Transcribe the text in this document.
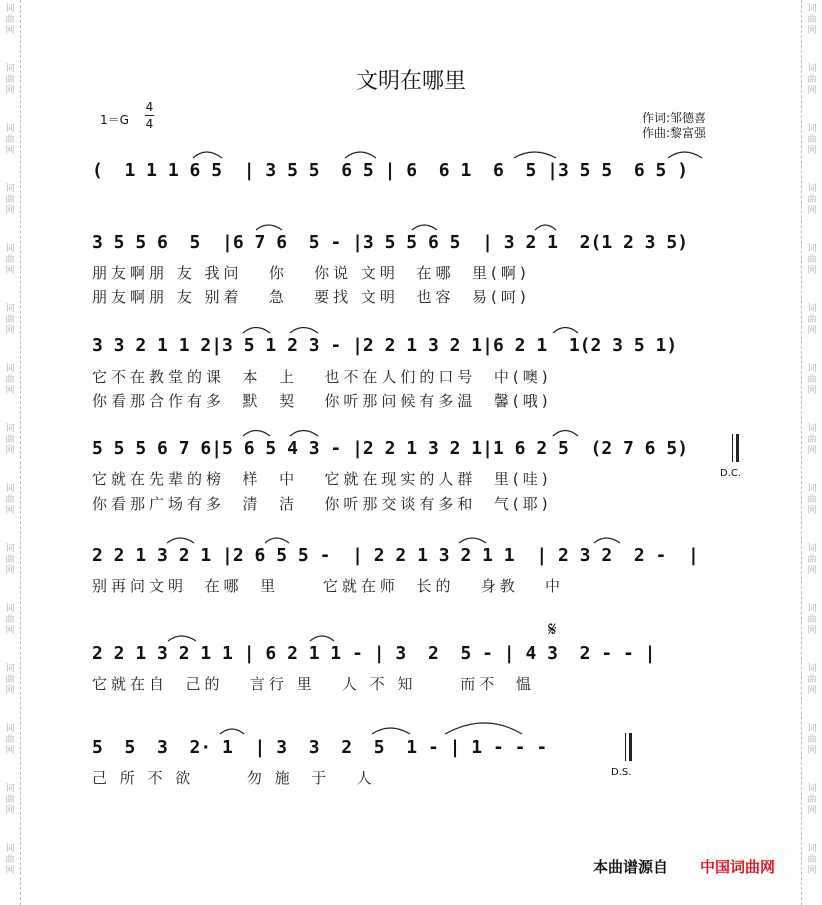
词
曲
网
词
曲
网
词
曲
网
词
曲
网
词
曲
网
词
曲
网
词
曲
网
词
曲
网
词
曲
网
词
曲
网
词
曲
网
词
曲
网
词
曲
网
词
曲
网
词
曲
网
词
曲
网
词
曲
网
词
曲
网
词
曲
网
词
曲
网
词
曲
网
词
曲
网
词
曲
网
词
曲
网
词
曲
网
词
曲
网
词
曲
网
词
曲
网
词
曲
网
词
曲
网
文明在哪里
1＝G
4
4	作词:邹德喜
作曲:黎富强
(  1 1 1 6 5  | 3 5 5  6 5 | 6  6 1  6  5 |3 5 5  6 5 )
3 5 5 6  5  |6 7 6  5 - |3 5 5 6 5  | 3 2 1  2(1 2 3 5)
朋友啊朋 友 我问   你   你说 文明  在哪  里(啊)
朋友啊朋 友 别着   急   要找 文明  也容  易(呵)
3 3 2 1 1 2|3 5 1 2 3 - |2 2 1 3 2 1|6 2 1  1(2 3 5 1)
它不在教堂的课  本  上   也不在人们的口号  中(噢)
你看那合作有多  默  契   你听那问候有多温  馨(哦)
5 5 5 6 7 6|5 6 5 4 3 - |2 2 1 3 2 1|1 6 2 5  (2 7 6 5)
它就在先辈的榜  样  中   它就在现实的人群  里(哇)
你看那广场有多  清  洁   你听那交谈有多和  气(耶)
2 2 1 3 2 1 |2 6 5 5 -  | 2 2 1 3 2 1 1  | 2 3 2  2 -  |
别再问文明  在哪  里     它就在师  长的   身教   中
2 2 1 3 2 1 1 | 6 2 1 1 - | 3  2  5 - | 4 3  2 - - |
它就在自  己的   言行 里   人 不 知     而不  愠
5  5  3  2· 1  | 3  3  2  5  1 - | 1 - - -
己 所 不 欲      勿 施  于   人
D.C.
D.S.
𝄋
本曲谱源自 中国词曲网
